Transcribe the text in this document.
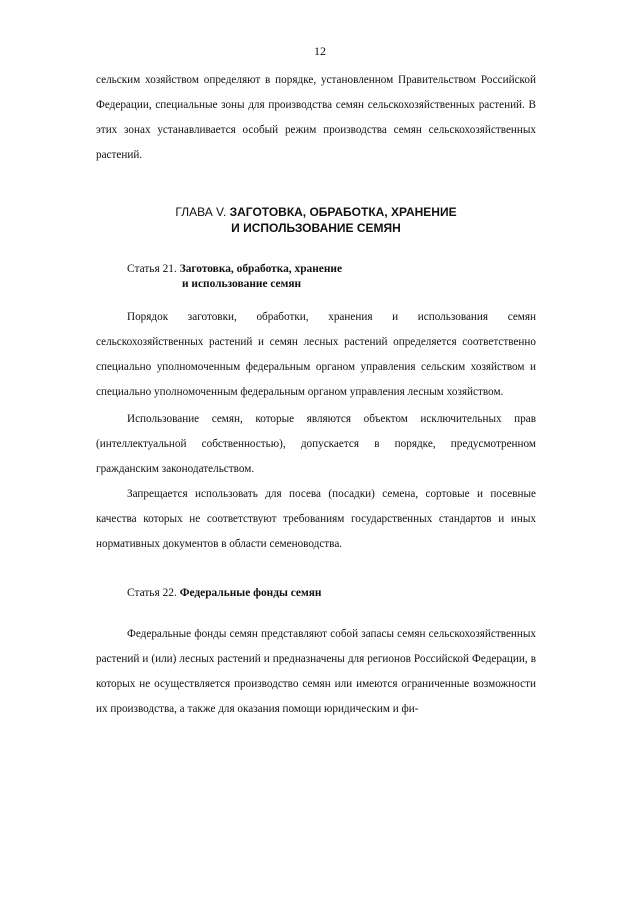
12
сельским хозяйством определяют в порядке, установленном Правительством Российской Федерации, специальные зоны для производства семян сельскохозяйственных растений. В этих зонах устанавливается особый режим производства семян сельскохозяйственных растений.
ГЛАВА V. ЗАГОТОВКА, ОБРАБОТКА, ХРАНЕНИЕ
И ИСПОЛЬЗОВАНИЕ СЕМЯН
Статья 21. Заготовка, обработка, хранение
и использование семян
Порядок заготовки, обработки, хранения и использования семян сельскохозяйственных растений и семян лесных растений определяется соответственно специально уполномоченным федеральным органом управления сельским хозяйством и специально уполномоченным федеральным органом управления лесным хозяйством.
Использование семян, которые являются объектом исключительных прав (интеллектуальной собственностью), допускается в порядке, предусмотренном гражданским законодательством.
Запрещается использовать для посева (посадки) семена, сортовые и посевные качества которых не соответствуют требованиям государственных стандартов и иных нормативных документов в области семеноводства.
Статья 22. Федеральные фонды семян
Федеральные фонды семян представляют собой запасы семян сельскохозяйственных растений и (или) лесных растений и предназначены для регионов Российской Федерации, в которых не осуществляется производство семян или имеются ограниченные возможности их производства, а также для оказания помощи юридическим и фи-
